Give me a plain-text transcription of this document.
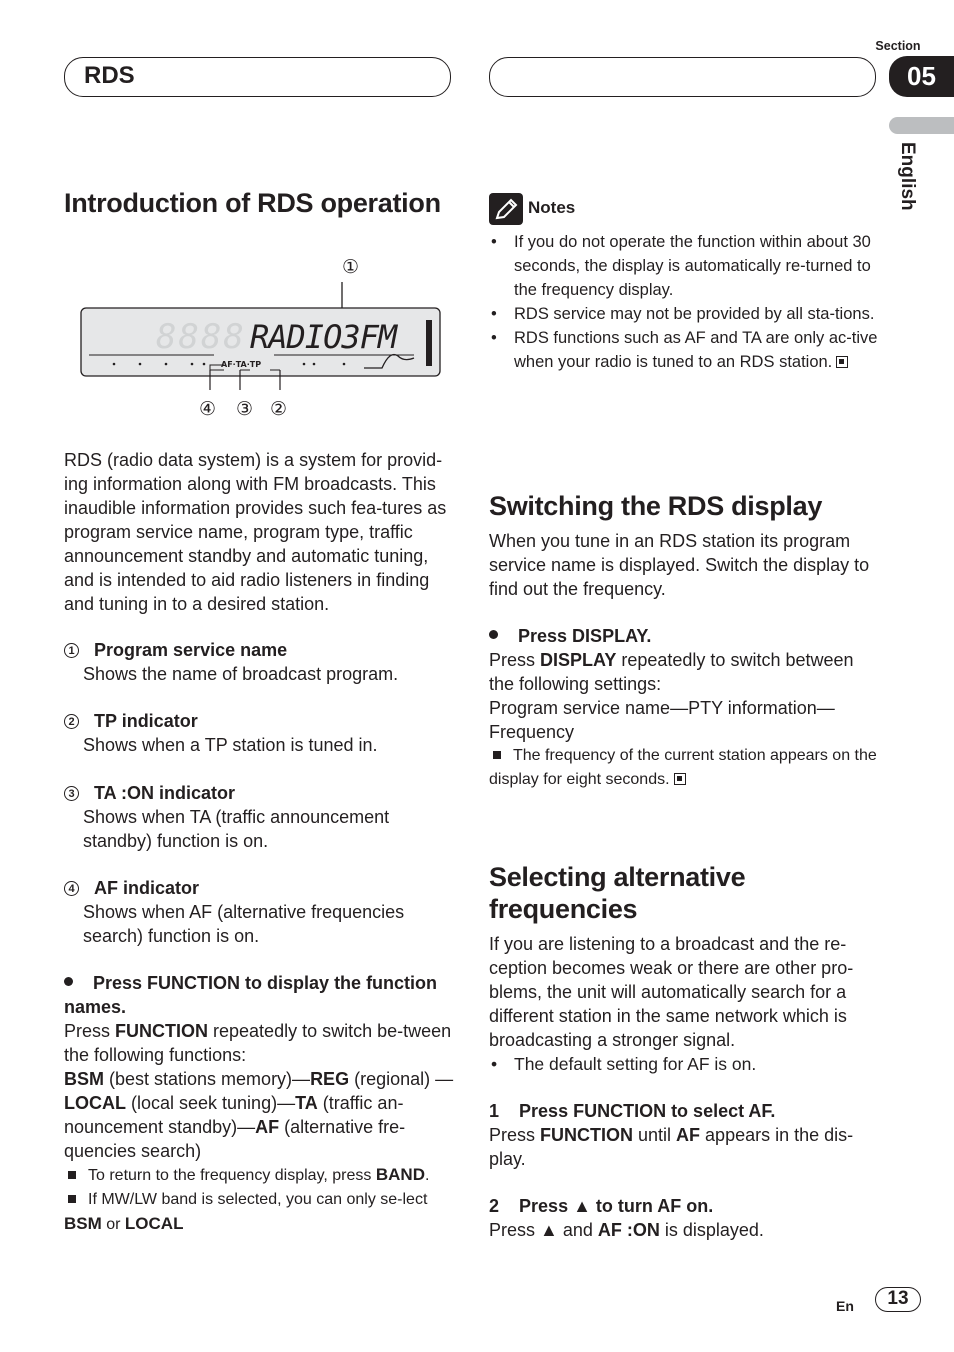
RDS
Section
05
English
Introduction of RDS operation
①
8888 RADIO3FM
AF·TA·TP
④ ③ ②
RDS (radio data system) is a system for provid-ing information along with FM broadcasts. This inaudible information provides such fea-tures as program service name, program type, traffic announcement standby and automatic tuning, and is intended to aid radio listeners in finding and tuning in to a desired station.
1 Program service name
Shows the name of broadcast program.
2 TP indicator
Shows when a TP station is tuned in.
3 TA :ON indicator
Shows when TA (traffic announcement standby) function is on.
4 AF indicator
Shows when AF (alternative frequencies search) function is on.
Press FUNCTION to display the function names.
Press FUNCTION repeatedly to switch be-tween the following functions:
BSM (best stations memory)—REG (regional) —LOCAL (local seek tuning)—TA (traffic an-nouncement standby)—AF (alternative fre-quencies search)
To return to the frequency display, press BAND.
If MW/LW band is selected, you can only se-lect BSM or LOCAL
Notes
• If you do not operate the function within about 30 seconds, the display is automatically re-turned to the frequency display.
• RDS service may not be provided by all sta-tions.
• RDS functions such as AF and TA are only ac-tive when your radio is tuned to an RDS station.
Switching the RDS display
When you tune in an RDS station its program service name is displayed. Switch the display to find out the frequency.
Press DISPLAY.
Press DISPLAY repeatedly to switch between the following settings:
Program service name—PTY information—Frequency
The frequency of the current station appears on the display for eight seconds.
Selecting alternative frequencies
If you are listening to a broadcast and the re-ception becomes weak or there are other pro-blems, the unit will automatically search for a different station in the same network which is broadcasting a stronger signal.
• The default setting for AF is on.
1 Press FUNCTION to select AF.
Press FUNCTION until AF appears in the dis-play.
2 Press ▲ to turn AF on.
Press ▲ and AF :ON is displayed.
En	13
